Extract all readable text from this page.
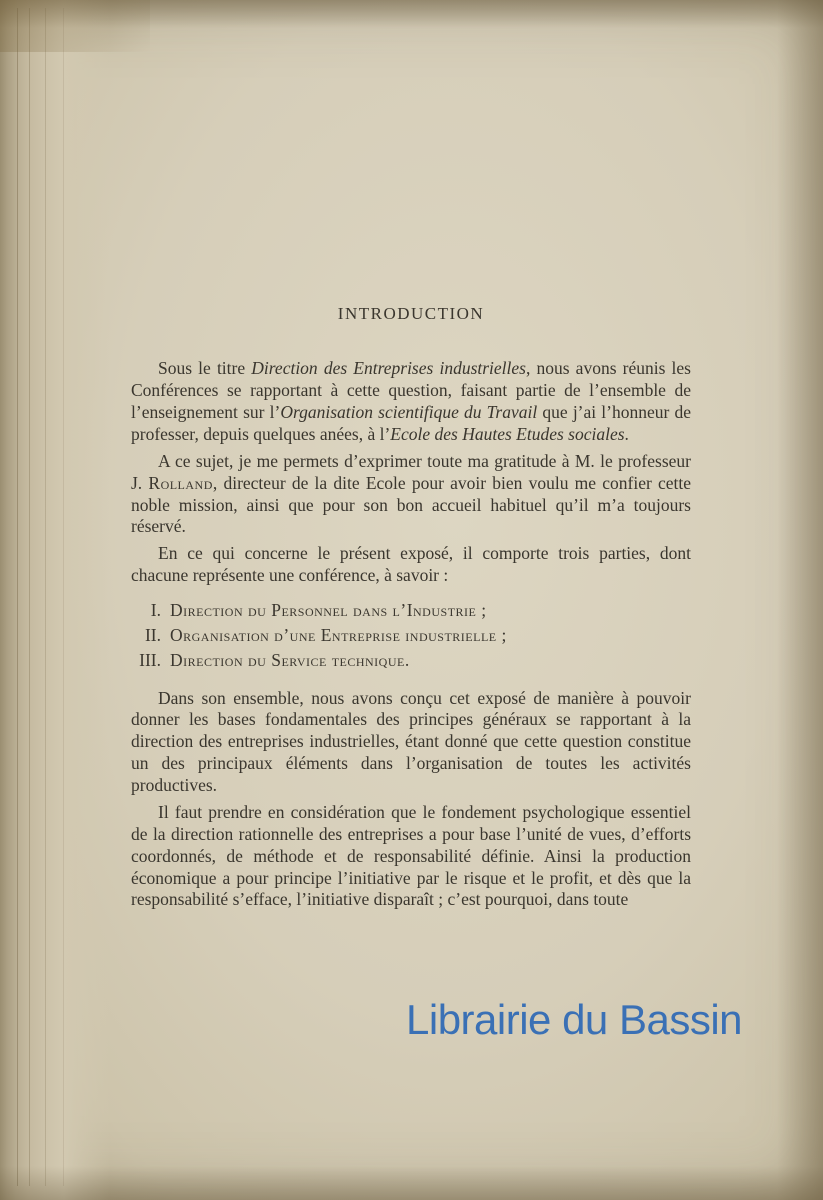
INTRODUCTION

Sous le titre Direction des Entreprises industrielles, nous avons réunis les Conférences se rapportant à cette question, faisant partie de l’ensemble de l’enseignement sur l’Organisation scientifique du Travail que j’ai l’honneur de professer, depuis quelques anées, à l’Ecole des Hautes Etudes sociales.

A ce sujet, je me permets d’exprimer toute ma gratitude à M. le professeur J. Rolland, directeur de la dite Ecole pour avoir bien voulu me confier cette noble mission, ainsi que pour son bon accueil habituel qu’il m’a toujours réservé.

En ce qui concerne le présent exposé, il comporte trois parties, dont chacune représente une conférence, à savoir :

I. Direction du Personnel dans l’Industrie ;
II. Organisation d’une Entreprise industrielle ;
III. Direction du Service technique.

Dans son ensemble, nous avons conçu cet exposé de manière à pouvoir donner les bases fondamentales des principes généraux se rapportant à la direction des entreprises industrielles, étant donné que cette question constitue un des principaux éléments dans l’organisation de toutes les activités productives.

Il faut prendre en considération que le fondement psychologique essentiel de la direction rationnelle des entreprises a pour base l’unité de vues, d’efforts coordonnés, de méthode et de responsabilité définie. Ainsi la production économique a pour principe l’initiative par le risque et le profit, et dès que la responsabilité s’efface, l’initiative disparaît ; c’est pourquoi, dans toute

Librairie du Bassin
